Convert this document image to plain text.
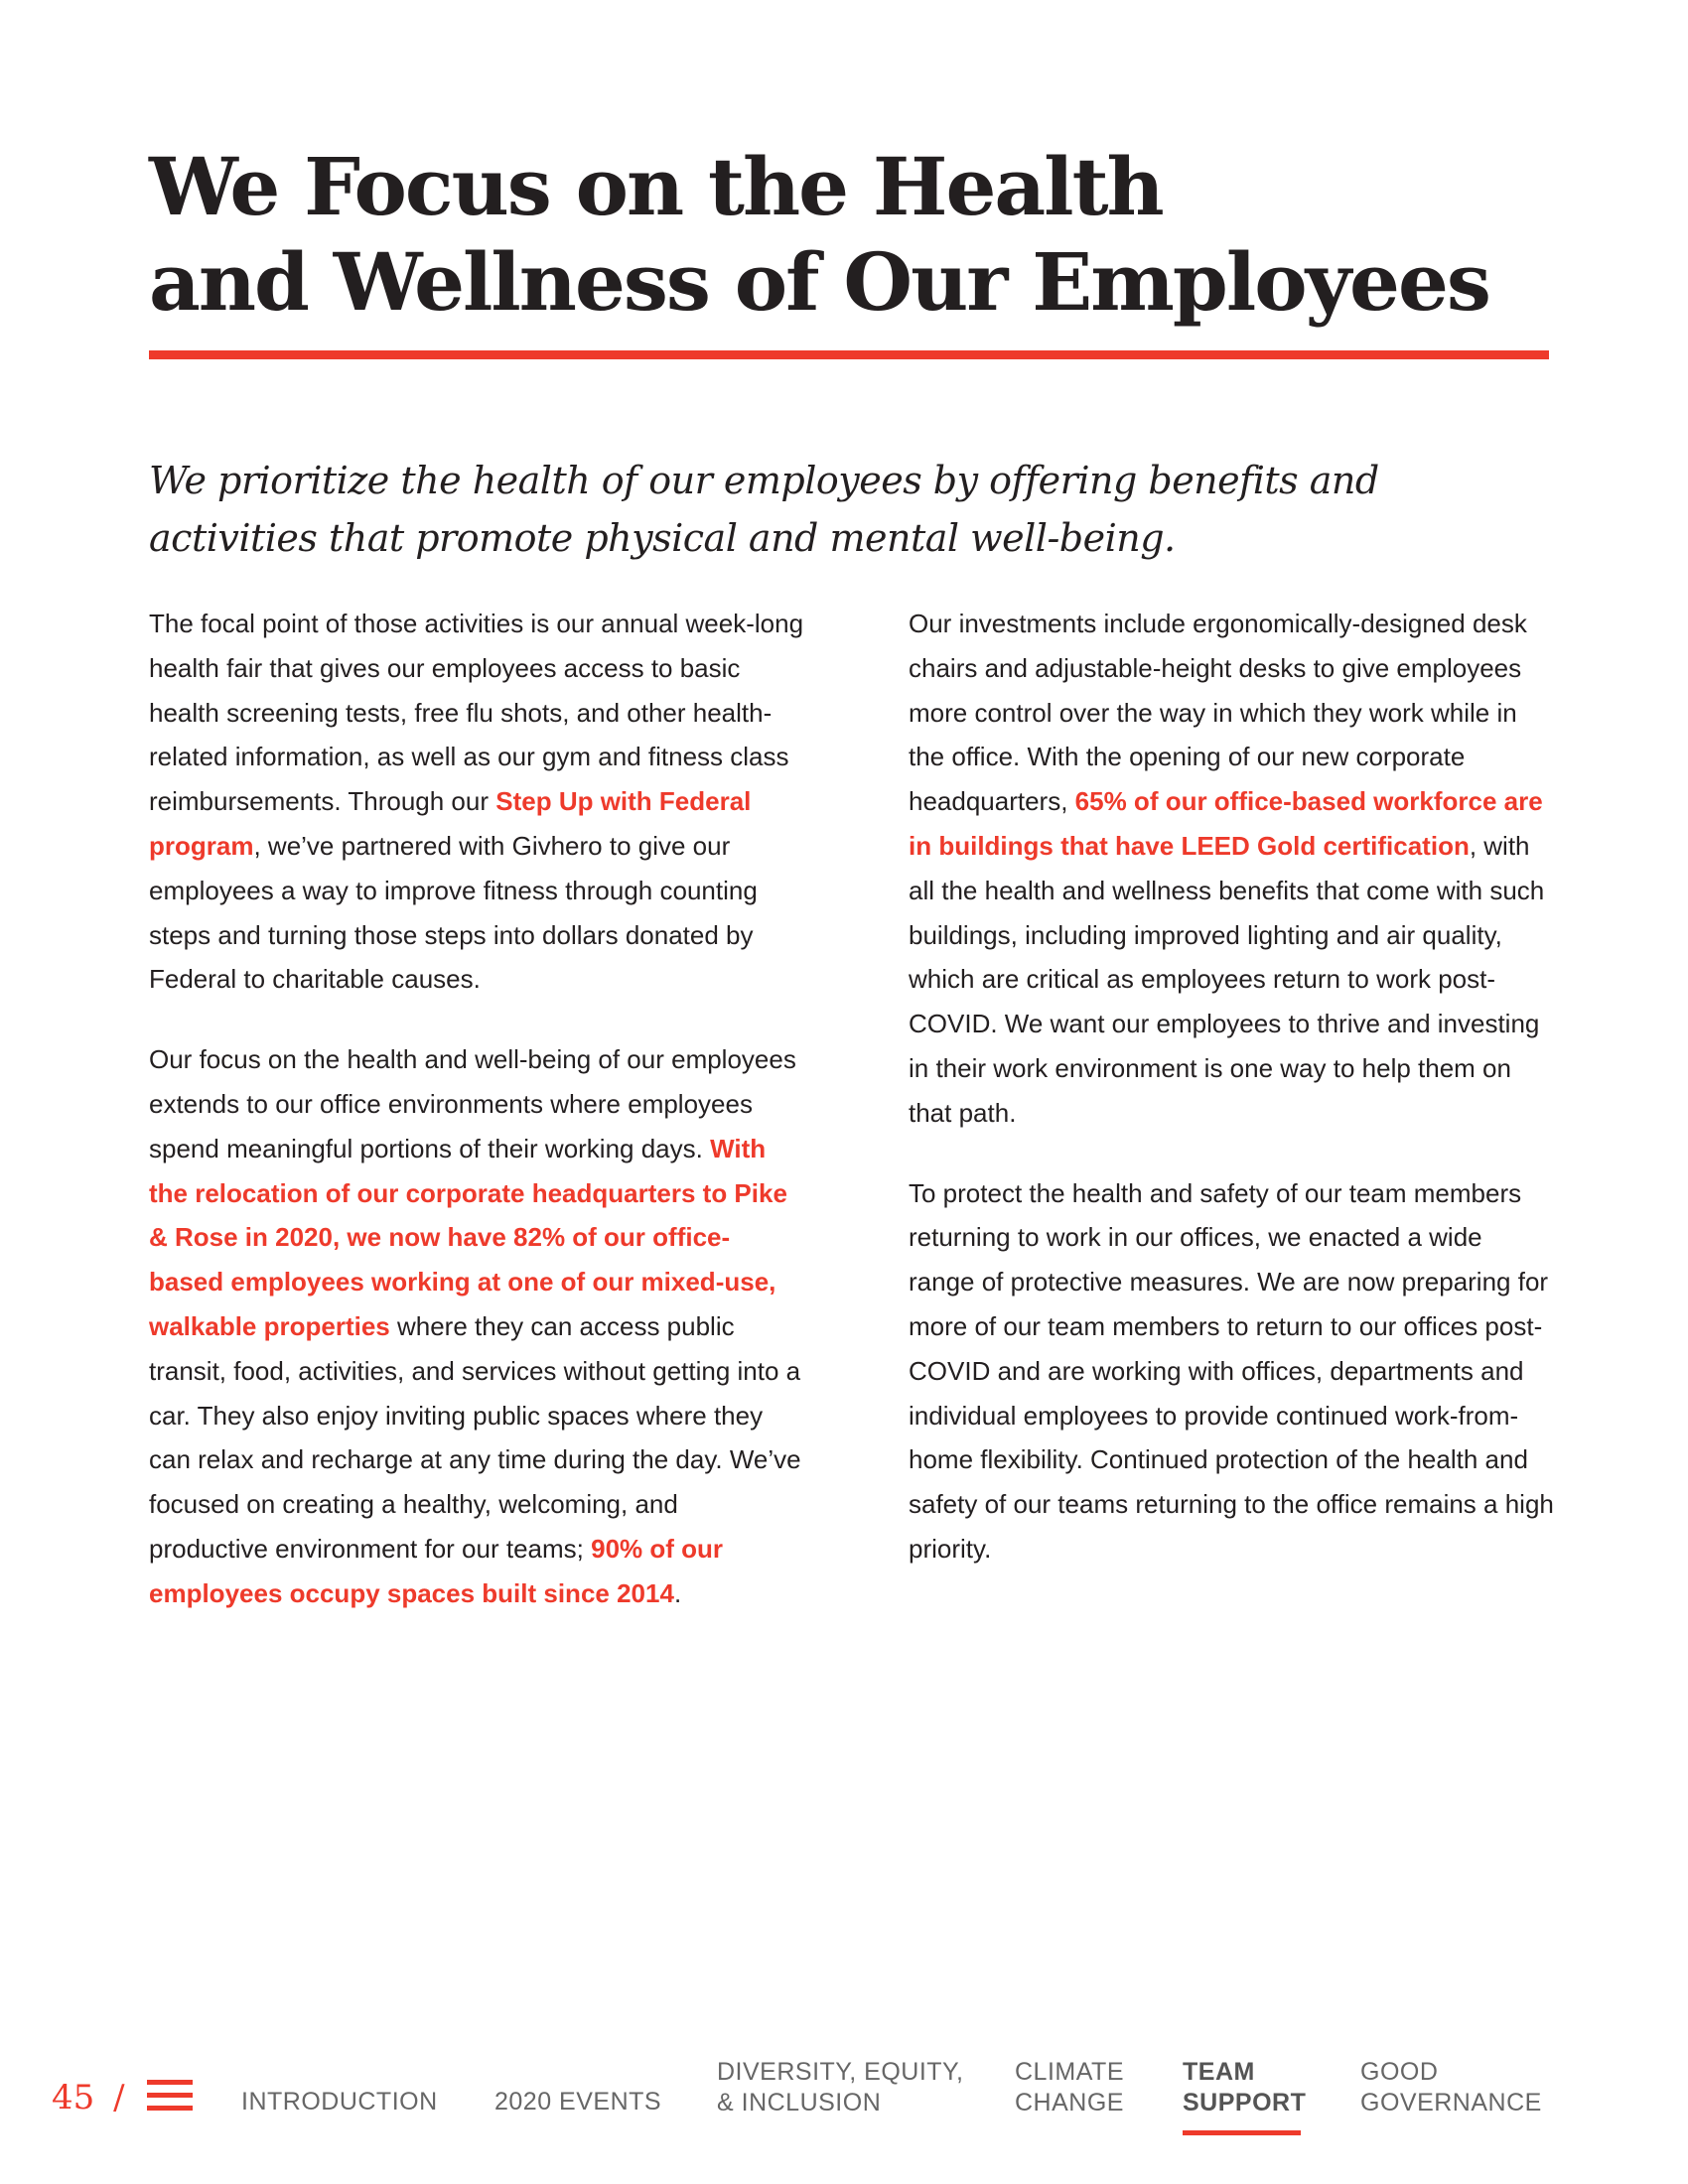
We Focus on the Health
and Wellness of Our Employees

We prioritize the health of our employees by offering benefits and activities that promote physical and mental well-being.

The focal point of those activities is our annual week-long health fair that gives our employees access to basic health screening tests, free flu shots, and other health-related information, as well as our gym and fitness class reimbursements. Through our Step Up with Federal program, we’ve partnered with Givhero to give our employees a way to improve fitness through counting steps and turning those steps into dollars donated by Federal to charitable causes.

Our focus on the health and well-being of our employees extends to our office environments where employees spend meaningful portions of their working days. With the relocation of our corporate headquarters to Pike & Rose in 2020, we now have 82% of our office-based employees working at one of our mixed-use, walkable properties where they can access public transit, food, activities, and services without getting into a car. They also enjoy inviting public spaces where they can relax and recharge at any time during the day. We’ve focused on creating a healthy, welcoming, and productive environment for our teams; 90% of our employees occupy spaces built since 2014.

Our investments include ergonomically-designed desk chairs and adjustable-height desks to give employees more control over the way in which they work while in the office. With the opening of our new corporate headquarters, 65% of our office-based workforce are in buildings that have LEED Gold certification, with all the health and wellness benefits that come with such buildings, including improved lighting and air quality, which are critical as employees return to work post-COVID. We want our employees to thrive and investing in their work environment is one way to help them on that path.

To protect the health and safety of our team members returning to work in our offices, we enacted a wide range of protective measures. We are now preparing for more of our team members to return to our offices post-COVID and are working with offices, departments and individual employees to provide continued work-from-home flexibility. Continued protection of the health and safety of our teams returning to the office remains a high priority.

45 /	INTRODUCTION 2020 EVENTS
DIVERSITY, EQUITY,
& INCLUSION
CLIMATE
CHANGE
TEAM
SUPPORT
GOOD
GOVERNANCE
